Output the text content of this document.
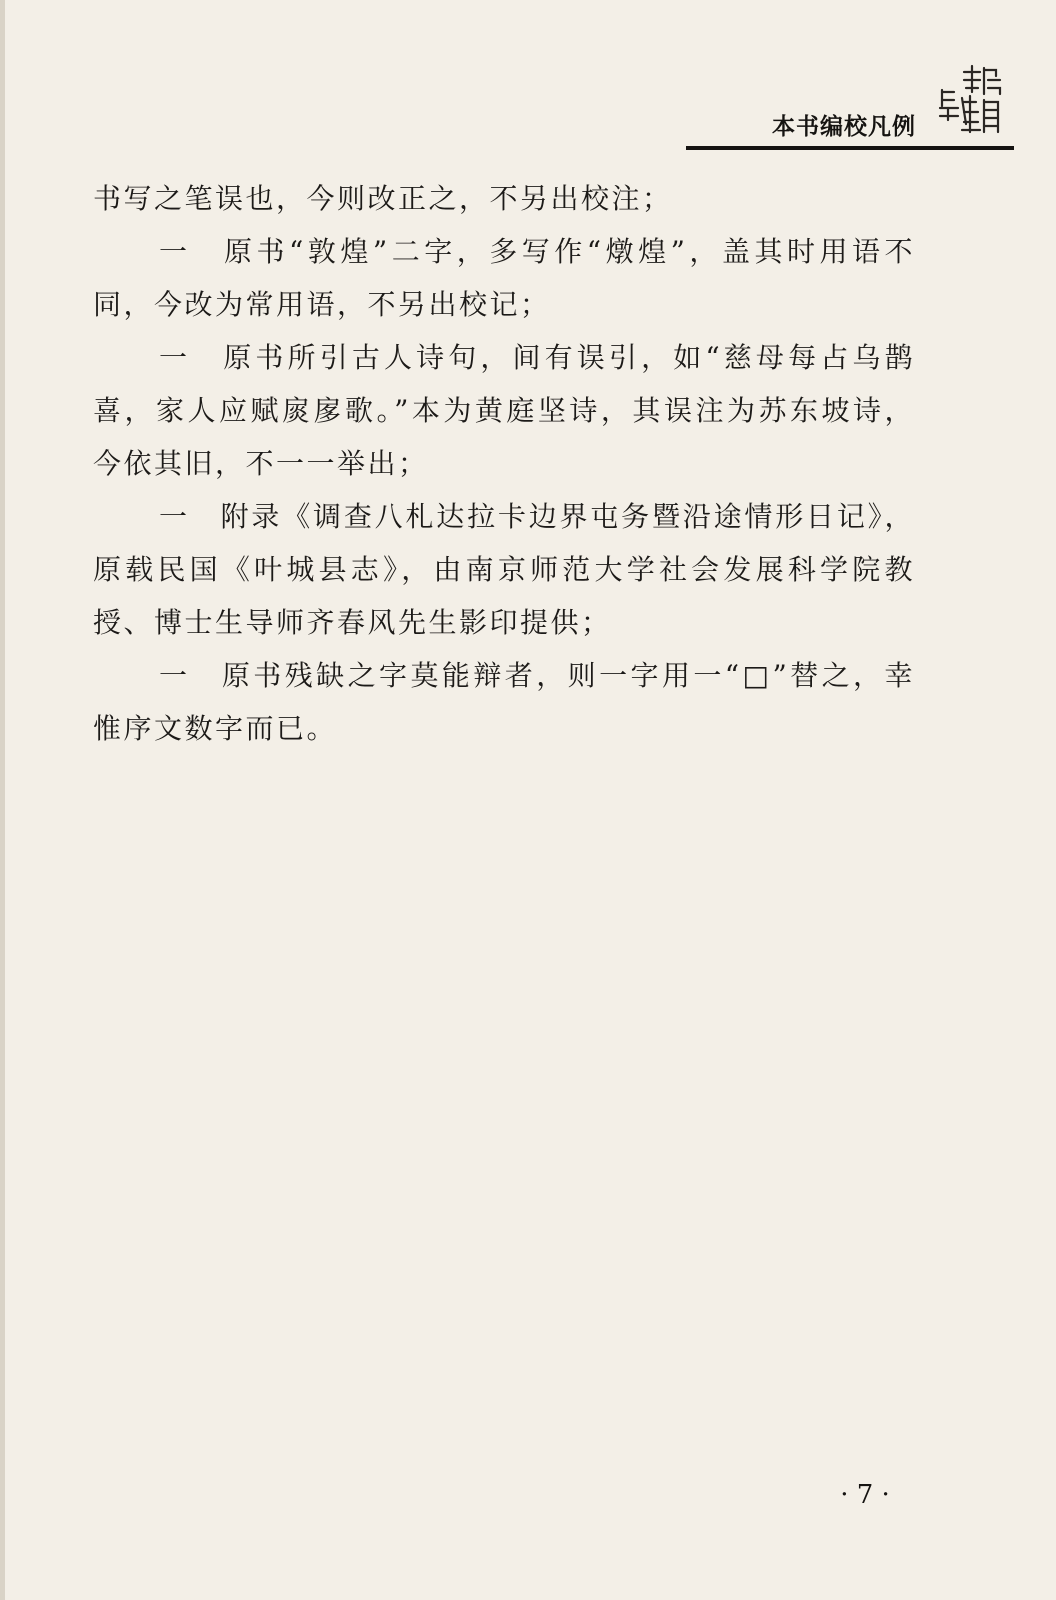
本书编校凡例

书写之笔误也，今则改正之，不另出校注；

一　原书“敦煌”二字，多写作“燉煌”，盖其时用语不同，今改为常用语，不另出校记；

一　原书所引古人诗句，间有误引，如“慈母每占乌鹊喜，家人应赋扊扅歌。”本为黄庭坚诗，其误注为苏东坡诗，今依其旧，不一一举出；

一　附录《调查八札达拉卡边界屯务暨沿途情形日记》，原载民国《叶城县志》，由南京师范大学社会发展科学院教授、博士生导师齐春风先生影印提供；

一　原书残缺之字莫能辩者，则一字用一“□”替之，幸惟序文数字而已。

· 7 ·
